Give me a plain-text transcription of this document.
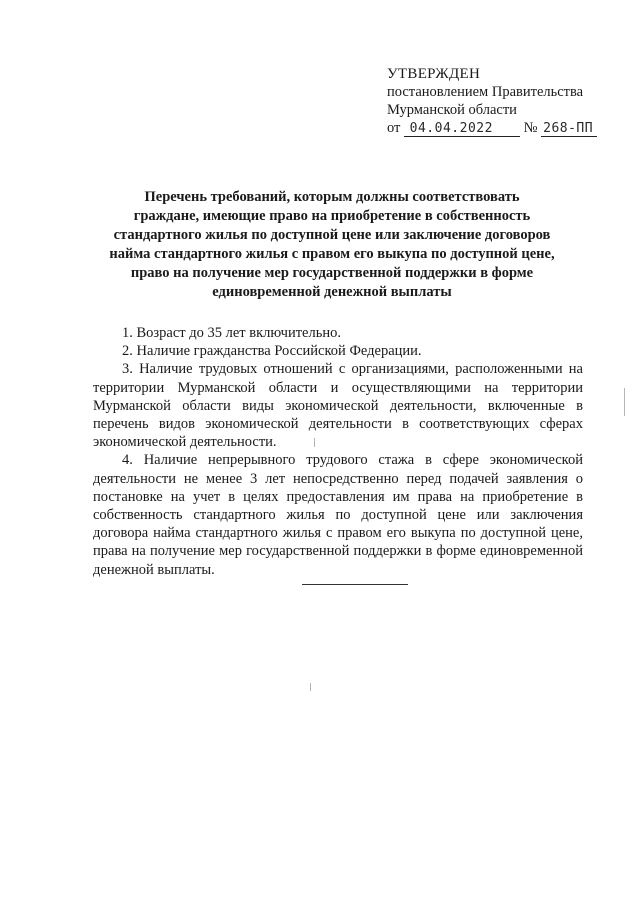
УТВЕРЖДЕН
постановлением Правительства
Мурманской области
от 04.04.2022 № 268-ПП
Перечень требований, которым должны соответствовать
граждане, имеющие право на приобретение в собственность
стандартного жилья по доступной цене или заключение договоров
найма стандартного жилья с правом его выкупа по доступной цене,
право на получение мер государственной поддержки в форме
единовременной денежной выплаты

1. Возраст до 35 лет включительно.

2. Наличие гражданства Российской Федерации.

3. Наличие трудовых отношений с организациями, расположенными на территории Мурманской области и осуществляющими на территории Мурманской области виды экономической деятельности, включенные в перечень видов экономической деятельности в соответствующих сферах экономической деятельности.

4. Наличие непрерывного трудового стажа в сфере экономической деятельности не менее 3 лет непосредственно перед подачей заявления о постановке на учет в целях предоставления им права на приобретение в собственность стандартного жилья по доступной цене или заключения договора найма стандартного жилья с правом его выкупа по доступной цене, права на получение мер государственной поддержки в форме единовременной денежной выплаты.
